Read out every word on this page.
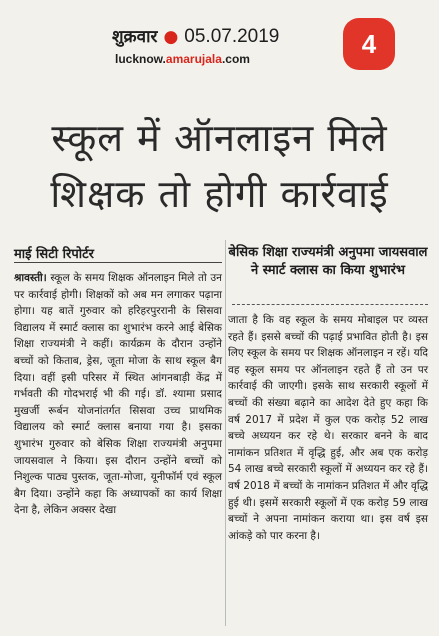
शुक्रवार ● 05.07.2019
lucknow.amarujala.com
4
स्कूल में ऑनलाइन मिले
शिक्षक तो होगी कार्रवाई
माई सिटी रिपोर्टर

श्रावस्ती। स्कूल के समय शिक्षक ऑनलाइन मिले तो उन पर कार्रवाई होगी। शिक्षकों को अब मन लगाकर पढ़ाना होगा। यह बातें गुरुवार को हरिहरपुररानी के सिसवा विद्यालय में स्मार्ट क्लास का शुभारंभ करने आई बेसिक शिक्षा राज्यमंत्री ने कहीं। कार्यक्रम के दौरान उन्होंने बच्चों को किताब, ड्रेस, जूता मोजा के साथ स्कूल बैग दिया। वहीं इसी परिसर में स्थित आंगनबाड़ी केंद्र में गर्भवती की गोदभराई भी की गई। डॉ. श्यामा प्रसाद मुखर्जी रूर्बन योजनांतर्गत सिसवा उच्च प्राथमिक विद्यालय को स्मार्ट क्लास बनाया गया है। इसका शुभारंभ गुरुवार को बेसिक शिक्षा राज्यमंत्री अनुपमा जायसवाल ने किया। इस दौरान उन्होंने बच्चों को निशुल्क पाठ्य पुस्तक, जूता-मोजा, यूनीफॉर्म एवं स्कूल बैग दिया। उन्होंने कहा कि अध्यापकों का कार्य शिक्षा देना है, लेकिन अक्सर देखा

बेसिक शिक्षा राज्यमंत्री अनुपमा जायसवाल ने स्मार्ट क्लास का किया शुभारंभ

जाता है कि वह स्कूल के समय मोबाइल पर व्यस्त रहते हैं। इससे बच्चों की पढ़ाई प्रभावित होती है। इस लिए स्कूल के समय पर शिक्षक ऑनलाइन न रहें। यदि वह स्कूल समय पर ऑनलाइन रहते हैं तो उन पर कार्रवाई की जाएगी। इसके साथ सरकारी स्कूलों में बच्चों की संख्या बढ़ाने का आदेश देते हुए कहा कि वर्ष 2017 में प्रदेश में कुल एक करोड़ 52 लाख बच्चे अध्ययन कर रहे थे। सरकार बनने के बाद नामांकन प्रतिशत में वृद्धि हुई, और अब एक करोड़ 54 लाख बच्चे सरकारी स्कूलों में अध्ययन कर रहे हैं। वर्ष 2018 में बच्चों के नामांकन प्रतिशत में और वृद्धि हुई थी। इसमें सरकारी स्कूलों में एक करोड़ 59 लाख बच्चों ने अपना नामांकन कराया था। इस वर्ष इस आंकड़े को पार करना है।
